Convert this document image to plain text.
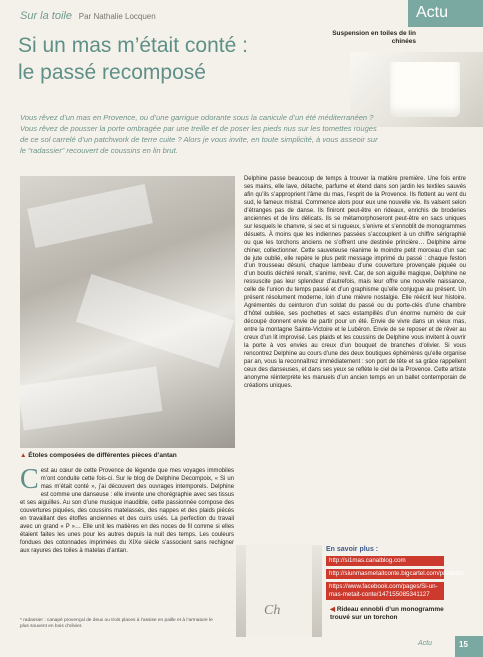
Sur la toile Par Nathalie Locquen	Actu
Si un mas m’était conté :
le passé recomposé
Suspension en toiles de lin chinées
Vous rêvez d’un mas en Provence, ou d’une garrigue odorante sous la canicule d’un été méditerranéen ? Vous rêvez de pousser la porte ombragée par une treille et de poser les pieds nus sur les tomettes rouges de ce sol carrelé d’un patchwork de terre cuite ? Alors je vous invite, en toute simplicité, à vous asseoir sur le “radassier” recouvert de coussins en lin brut.
▲ Étoles composées de différentes pièces d’antan
Delphine passe beaucoup de temps à trouver la matière première. Une fois entre ses mains, elle lave, détache, parfume et étend dans son jardin les textiles sauvés afin qu’ils s’approprient l’âme du mas, l’esprit de la Provence. Ils flottent au vent du sud, le fameux mistral. Commence alors pour eux une nouvelle vie. Ils valsent selon d’étranges pas de danse. Ils finiront peut-être en rideaux, enrichis de broderies anciennes et de lins délicats. Ils se métamorphoseront peut-être en sacs uniques sur lesquels le chanvre, si sec et si rugueux, s’enivre et s’ennoblit de monogrammes désuets. À moins que les indiennes passées s’accouplent à un chiffre sérigraphié ou que les torchons anciens ne s’offrent une destinée princière… Delphine aime chiner, collectionner. Cette sauveteuse réanime le moindre petit morceau d’un sac de jute oublié, elle repère le plus petit message imprimé du passé : chaque feston d’un trousseau désuni, chaque lambeau d’une couverture provençale piquée ou d’un boutis déchiré renaît, s’anime, revit. Car, de son aiguille magique, Delphine ne ressuscite pas leur splendeur d’autrefois, mais leur offre une nouvelle naissance, celle de l’union du temps passé et d’un graphisme qu’elle conjugue au présent. Un présent résolument moderne, loin d’une mièvre nostalgie. Elle réécrit leur histoire. Agrémentés du ceinturon d’un soldat du passé ou du porte-clés d’une chambre d’hôtel oubliée, ses pochettes et sacs estampillés d’un énorme numéro de cuir découpé donnent envie de partir pour un été. Envie de vivre dans un vieux mas, entre la montagne Sainte-Victoire et le Lubéron. Envie de se reposer et de rêver au creux d’un lit improvisé. Les plaids et les coussins de Delphine vous invitent à ouvrir la porte à vos envies au creux d’un bouquet de branches d’olivier. Si vous rencontrez Delphine au cours d’une des deux boutiques éphémères qu’elle organise par an, vous la reconnaîtrez immédiatement : son port de tête et sa grâce rappellent ceux des danseuses, et dans ses yeux se reflète le ciel de la Provence. Cette artiste anonyme réinterprète les manuels d’un ancien temps en un ballet contemporain de créations uniques.
C est au cœur de cette Provence de légende que mes voyages immobiles m’ont conduite cette fois-ci. Sur le blog de Delphine Decompoix, « Si un mas m’était conté », j’ai découvert des ouvrages intemporels. Delphine est comme une danseuse : elle invente une chorégraphie avec ses tissus et ses aiguilles. Au son d’une musique inaudible, cette passionnée compose des couvertures piquées, des coussins matelassés, des nappes et des plaids piécés en travaillant des étoffes anciennes et des cuirs usés. La perfection du travail avec un grand « P »… Elle unit les matières en des noces de fil comme si elles étaient faites les unes pour les autres depuis la nuit des temps. Les couleurs fondues des cotonnades imprimées du XIXe siècle s’associent sans rechigner aux rayures des toiles à matelas d’antan.
* radassier : canapé provençal de deux ou trois places à l’assise en paille et à l’armature le plus souvent en bois d’olivier.
Ch
En savoir plus :
http://si1mas.canalblog.com
http://siunmasmetaitconte.bigcartel.com/products
https://www.facebook.com/pages/Si-un-mas-metait-conte/147155085341127
◀ Rideau ennobli d’un monogramme trouvé sur un torchon
Actu	15
